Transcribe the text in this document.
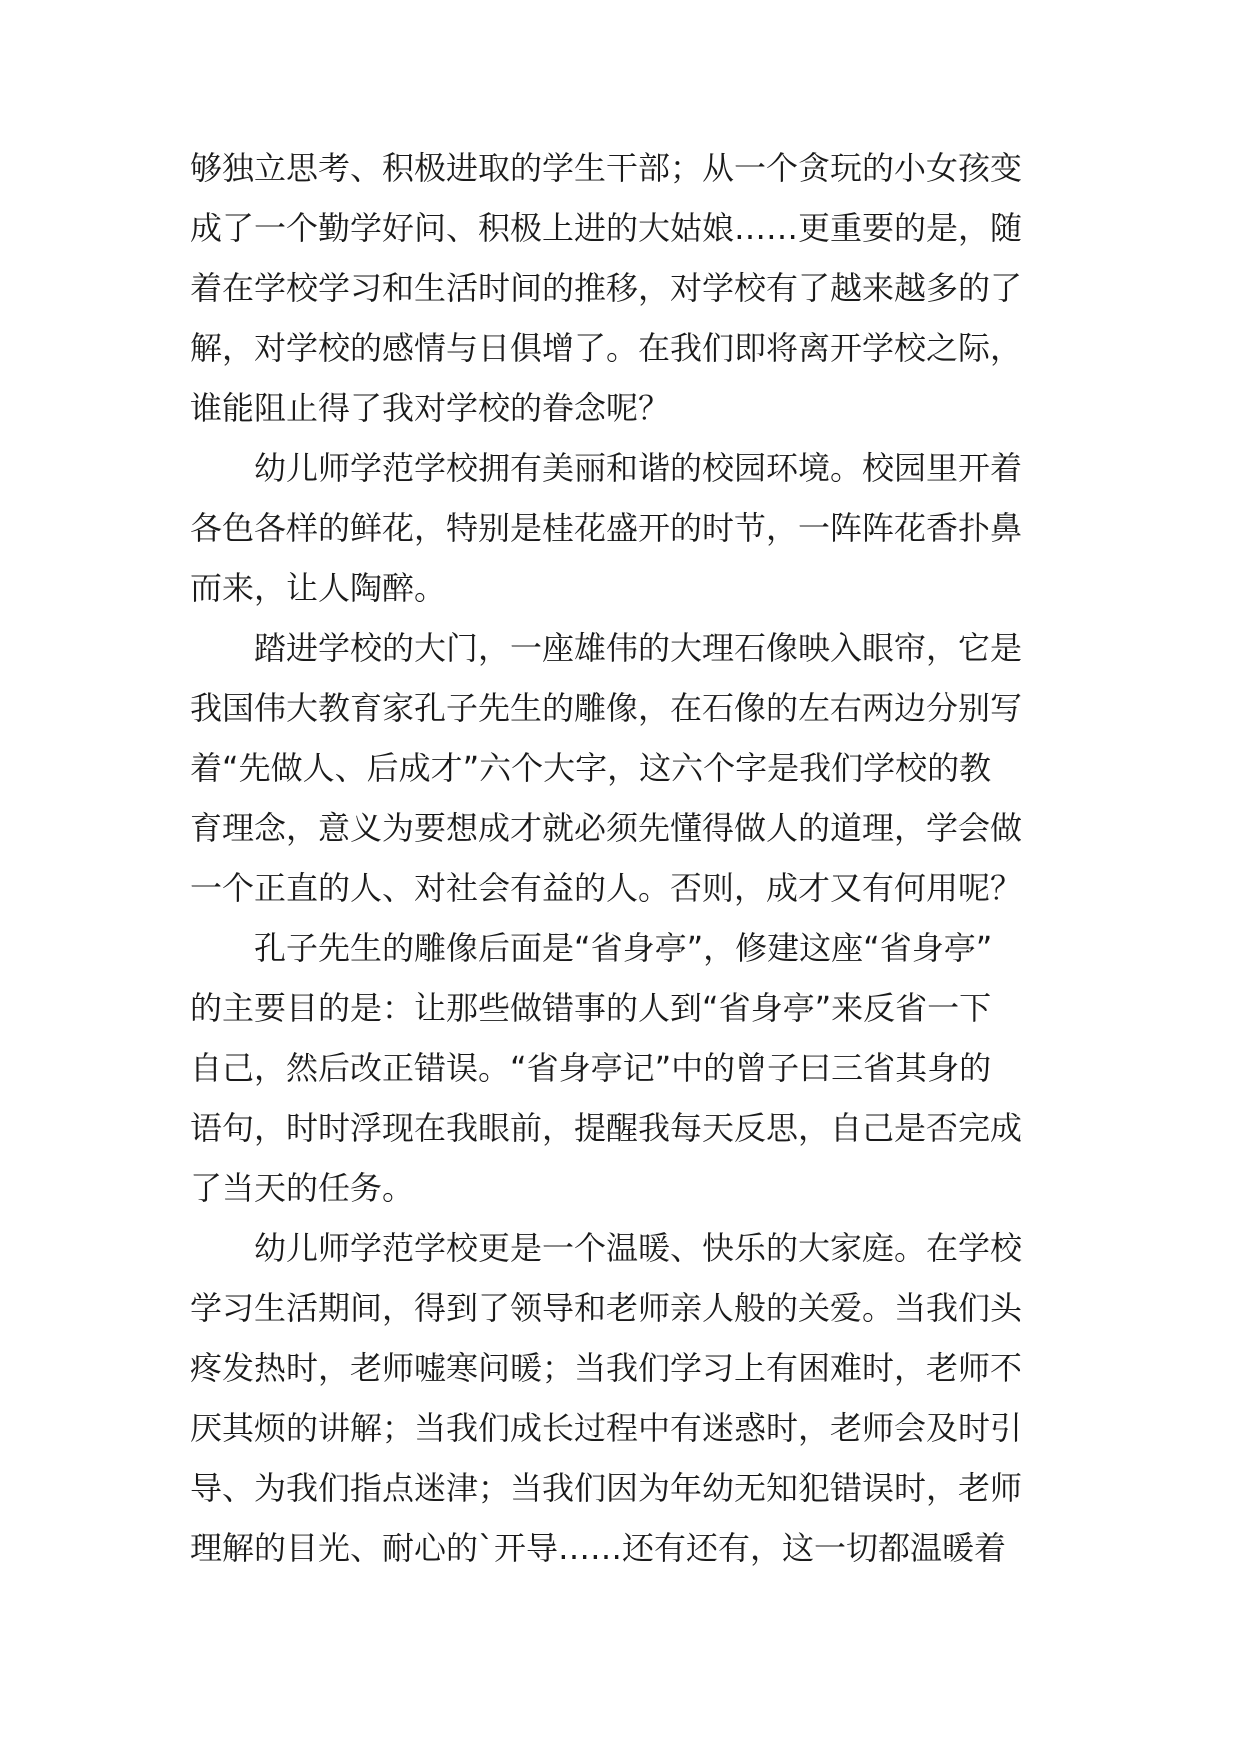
够独立思考、积极进取的学生干部；从一个贪玩的小女孩变

成了一个勤学好问、积极上进的大姑娘……更重要的是，随

着在学校学习和生活时间的推移，对学校有了越来越多的了

解，对学校的感情与日俱增了。在我们即将离开学校之际，

谁能阻止得了我对学校的眷念呢？

幼儿师学范学校拥有美丽和谐的校园环境。校园里开着

各色各样的鲜花，特别是桂花盛开的时节，一阵阵花香扑鼻

而来，让人陶醉。

踏进学校的大门，一座雄伟的大理石像映入眼帘，它是

我国伟大教育家孔子先生的雕像，在石像的左右两边分别写

着“先做人、后成才”六个大字，这六个字是我们学校的教

育理念，意义为要想成才就必须先懂得做人的道理，学会做

一个正直的人、对社会有益的人。否则，成才又有何用呢？

孔子先生的雕像后面是“省身亭”，修建这座“省身亭”

的主要目的是：让那些做错事的人到“省身亭”来反省一下

自己，然后改正错误。“省身亭记”中的曾子曰三省其身的

语句，时时浮现在我眼前，提醒我每天反思，自己是否完成

了当天的任务。

幼儿师学范学校更是一个温暖、快乐的大家庭。在学校

学习生活期间，得到了领导和老师亲人般的关爱。当我们头

疼发热时，老师嘘寒问暖；当我们学习上有困难时，老师不

厌其烦的讲解；当我们成长过程中有迷惑时，老师会及时引

导、为我们指点迷津；当我们因为年幼无知犯错误时，老师

理解的目光、耐心的`开导……还有还有，这一切都温暖着
